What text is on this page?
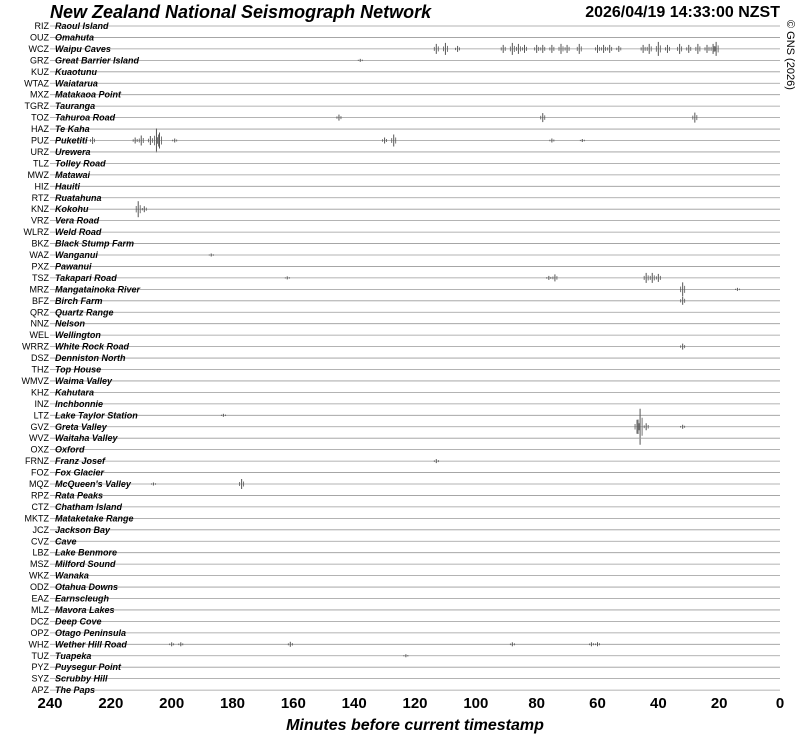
New Zealand National Seismograph Network	2026/04/19 14:33:00 NZST
© GNS (2026)
RIZ Raoul Island
OUZ Omahuta
WCZ Waipu Caves
GRZ Great Barrier Island
KUZ Kuaotunu
WTAZ Waiatarua
MXZ Matakaoa Point
TGRZ Tauranga
TOZ Tahuroa Road
HAZ Te Kaha
PUZ Puketiti
URZ Urewera
TLZ Tolley Road
MWZ Matawai
HIZ Hauiti
RTZ Ruatahuna
KNZ Kokohu
VRZ Vera Road
WLRZ Weld Road
BKZ Black Stump Farm
WAZ Wanganui
PXZ Pawanui
TSZ Takapari Road
MRZ Mangatainoka River
BFZ Birch Farm
QRZ Quartz Range
NNZ Nelson
WEL Wellington
WRRZ White Rock Road
DSZ Denniston North
THZ Top House
WMVZ Waima Valley
KHZ Kahutara
INZ Inchbonnie
LTZ Lake Taylor Station
GVZ Greta Valley
WVZ Waitaha Valley
OXZ Oxford
FRNZ Franz Josef
FOZ Fox Glacier
MQZ McQueen's Valley
RPZ Rata Peaks
CTZ Chatham Island
MKTZ Mataketake Range
JCZ Jackson Bay
CVZ Cave
LBZ Lake Benmore
MSZ Milford Sound
WKZ Wanaka
ODZ Otahua Downs
EAZ Earnscleugh
MLZ Mavora Lakes
DCZ Deep Cove
OPZ Otago Peninsula
WHZ Wether Hill Road
TUZ Tuapeka
PYZ Puysegur Point
SYZ Scrubby Hill
APZ The Paps
240 220 200 180 160 140 120 100	80	60	40	20	0
Minutes before current timestamp
